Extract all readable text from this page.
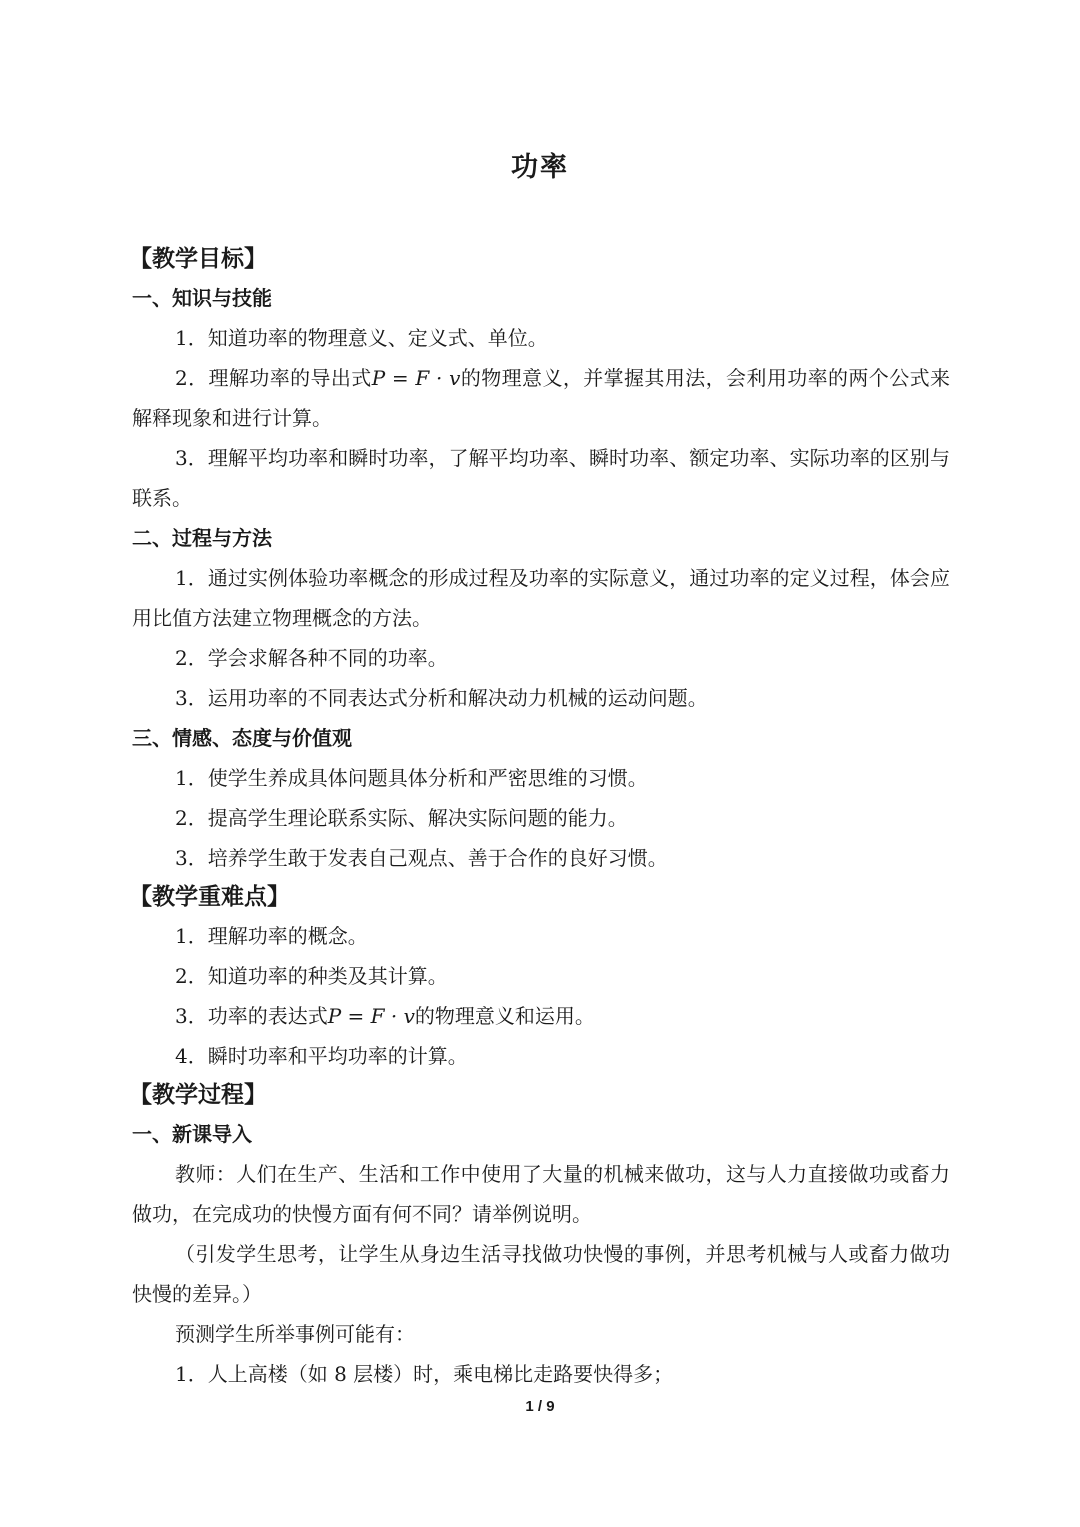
功率

【教学目标】

一、知识与技能

1．知道功率的物理意义、定义式、单位。

2．理解功率的导出式P = F · v的物理意义，并掌握其用法，会利用功率的两个公式来解释现象和进行计算。

3．理解平均功率和瞬时功率，了解平均功率、瞬时功率、额定功率、实际功率的区别与联系。

二、过程与方法

1．通过实例体验功率概念的形成过程及功率的实际意义，通过功率的定义过程，体会应用比值方法建立物理概念的方法。

2．学会求解各种不同的功率。

3．运用功率的不同表达式分析和解决动力机械的运动问题。

三、情感、态度与价值观

1．使学生养成具体问题具体分析和严密思维的习惯。

2．提高学生理论联系实际、解决实际问题的能力。

3．培养学生敢于发表自己观点、善于合作的良好习惯。

【教学重难点】

1．理解功率的概念。

2．知道功率的种类及其计算。

3．功率的表达式P = F · v的物理意义和运用。

4．瞬时功率和平均功率的计算。

【教学过程】

一、新课导入

教师：人们在生产、生活和工作中使用了大量的机械来做功，这与人力直接做功或畜力做功，在完成功的快慢方面有何不同？请举例说明。

（引发学生思考，让学生从身边生活寻找做功快慢的事例，并思考机械与人或畜力做功快慢的差异。）

预测学生所举事例可能有：

1．人上高楼（如 8 层楼）时，乘电梯比走路要快得多；

1 / 9
